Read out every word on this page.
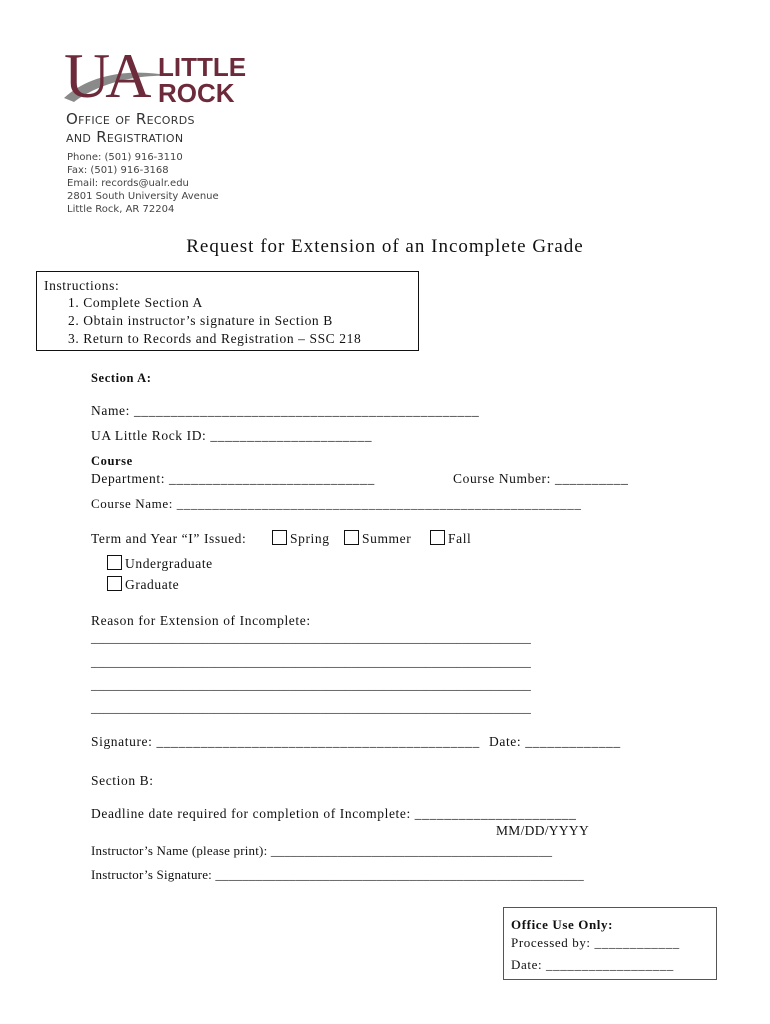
UA LITTLE
ROCK
Office of Records
and Registration
Phone: (501) 916-3110
Fax: (501) 916-3168
Email: records@ualr.edu
2801 South University Avenue
Little Rock, AR 72204
Request for Extension of an Incomplete Grade
Instructions:
1. Complete Section A
2. Obtain instructor’s signature in Section B
3. Return to Records and Registration – SSC 218
Section A:
Name: _______________________________________________
UA Little Rock ID: ______________________
Course
Department: ____________________________	Course Number: __________
Course Name: _________________________________________________________
Term and Year “I” Issued:	Spring Summer	Fall
Undergraduate
Graduate
Reason for Extension of Incomplete:
_______________________________________________________________________
_______________________________________________________________________
_______________________________________________________________________
_______________________________________________________________________
Signature: ____________________________________________ Date: _____________
Section B:
Deadline date required for completion of Incomplete: ______________________
MM/DD/YYYY
Instructor’s Name (please print): __________________________________________
Instructor’s Signature: _______________________________________________________
Office Use Only:
Processed by: ____________
Date: __________________
